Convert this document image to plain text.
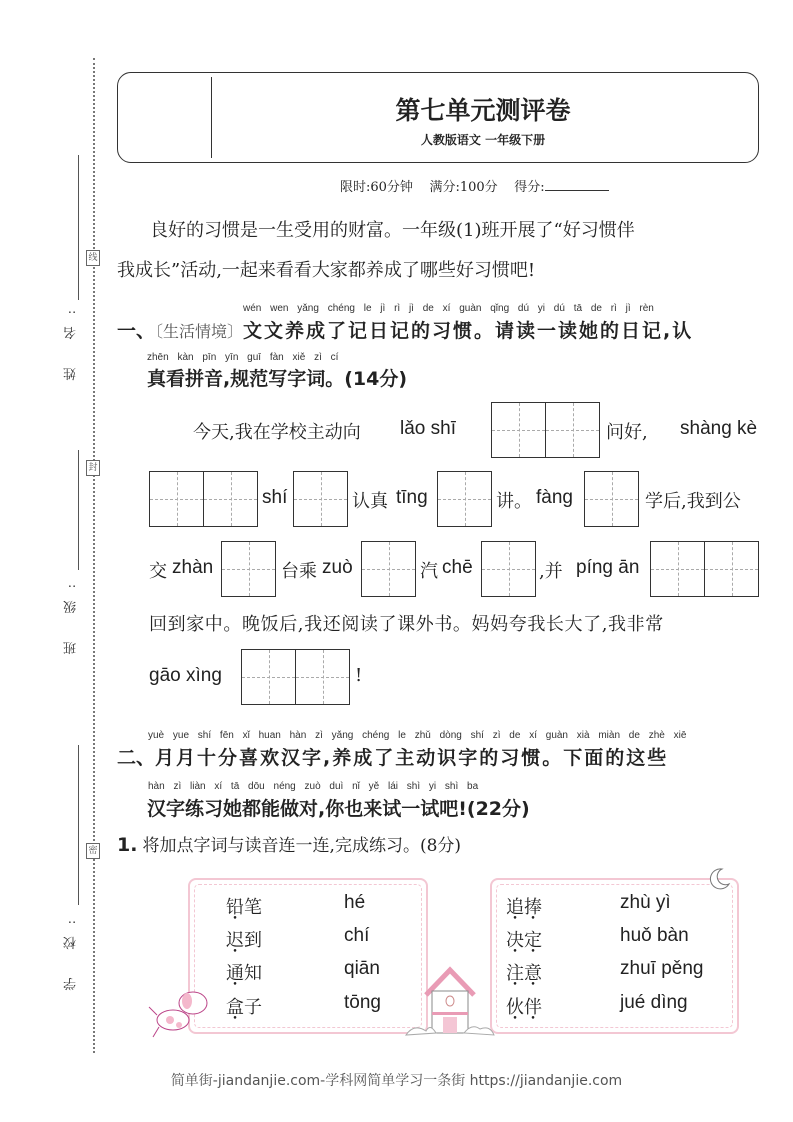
姓 名:
线
班 级:
封
学 校:
密
第七单元测评卷
人教版语文 一年级下册
限时:60分钟 满分:100分 得分:
良好的习惯是一生受用的财富。一年级(1)班开展了“好习惯伴
我成长”活动,一起来看看大家都养成了哪些好习惯吧!
wén wen yǎng chéng le jì rì jì de xí guàn qǐng dú yi dú tā de rì jì rèn
一、〔生活情境〕文文养成了记日记的习惯。请读一读她的日记,认
zhēn kàn pīn yīn guī fàn xiě zì cí
真看拼音,规范写字词。(14分)
今天,我在学校主动向 lǎo shī	问好, shàng kè
shí	认真 tīng	讲。 fàng	学后,我到公
交 zhàn	台乘 zuò	汽 chē	,并 píng ān
回到家中。晚饭后,我还阅读了课外书。妈妈夸我长大了,我非常
gāo xìng	!
yuè yue shí fēn xǐ huan hàn zì yǎng chéng le zhǔ dòng shí zì de xí guàn xià miàn de zhè xiē
二、月月十分喜欢汉字,养成了主动识字的习惯。下面的这些
hàn zì liàn xí tā dōu néng zuò duì nǐ yě lái shì yi shì ba
汉字练习她都能做对,你也来试一试吧!(22分)
1. 将加点字词与读音连一连,完成练习。(8分)
简单街-jiandanjie.com-学科网简单学习一条街 https://jiandanjie.com
铅笔	hé
迟到	chí
通知	qiān
盒子	tōng
追捧	zhù yì
决定	huǒ bàn
注意	zhuī pěng
伙伴	jué dìng
